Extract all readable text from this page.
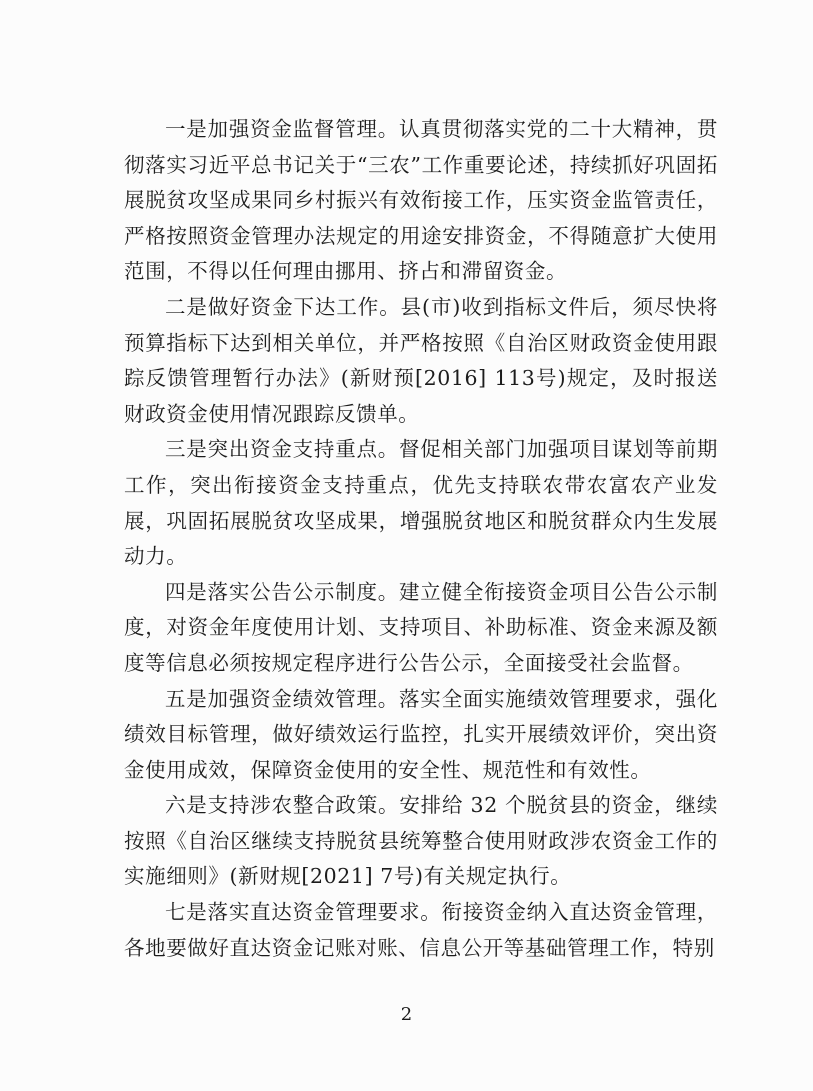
一是加强资金监督管理。认真贯彻落实党的二十大精神，贯彻落实习近平总书记关于“三农”工作重要论述，持续抓好巩固拓展脱贫攻坚成果同乡村振兴有效衔接工作，压实资金监管责任，严格按照资金管理办法规定的用途安排资金，不得随意扩大使用范围，不得以任何理由挪用、挤占和滞留资金。

二是做好资金下达工作。县(市)收到指标文件后，须尽快将预算指标下达到相关单位，并严格按照《自治区财政资金使用跟踪反馈管理暂行办法》(新财预[2016] 113号)规定，及时报送财政资金使用情况跟踪反馈单。

三是突出资金支持重点。督促相关部门加强项目谋划等前期工作，突出衔接资金支持重点，优先支持联农带农富农产业发展，巩固拓展脱贫攻坚成果，增强脱贫地区和脱贫群众内生发展动力。

四是落实公告公示制度。建立健全衔接资金项目公告公示制度，对资金年度使用计划、支持项目、补助标准、资金来源及额度等信息必须按规定程序进行公告公示，全面接受社会监督。

五是加强资金绩效管理。落实全面实施绩效管理要求，强化绩效目标管理，做好绩效运行监控，扎实开展绩效评价，突出资金使用成效，保障资金使用的安全性、规范性和有效性。

六是支持涉农整合政策。安排给 32 个脱贫县的资金，继续按照《自治区继续支持脱贫县统筹整合使用财政涉农资金工作的实施细则》(新财规[2021] 7号)有关规定执行。

七是落实直达资金管理要求。衔接资金纳入直达资金管理，各地要做好直达资金记账对账、信息公开等基础管理工作，特别

2
